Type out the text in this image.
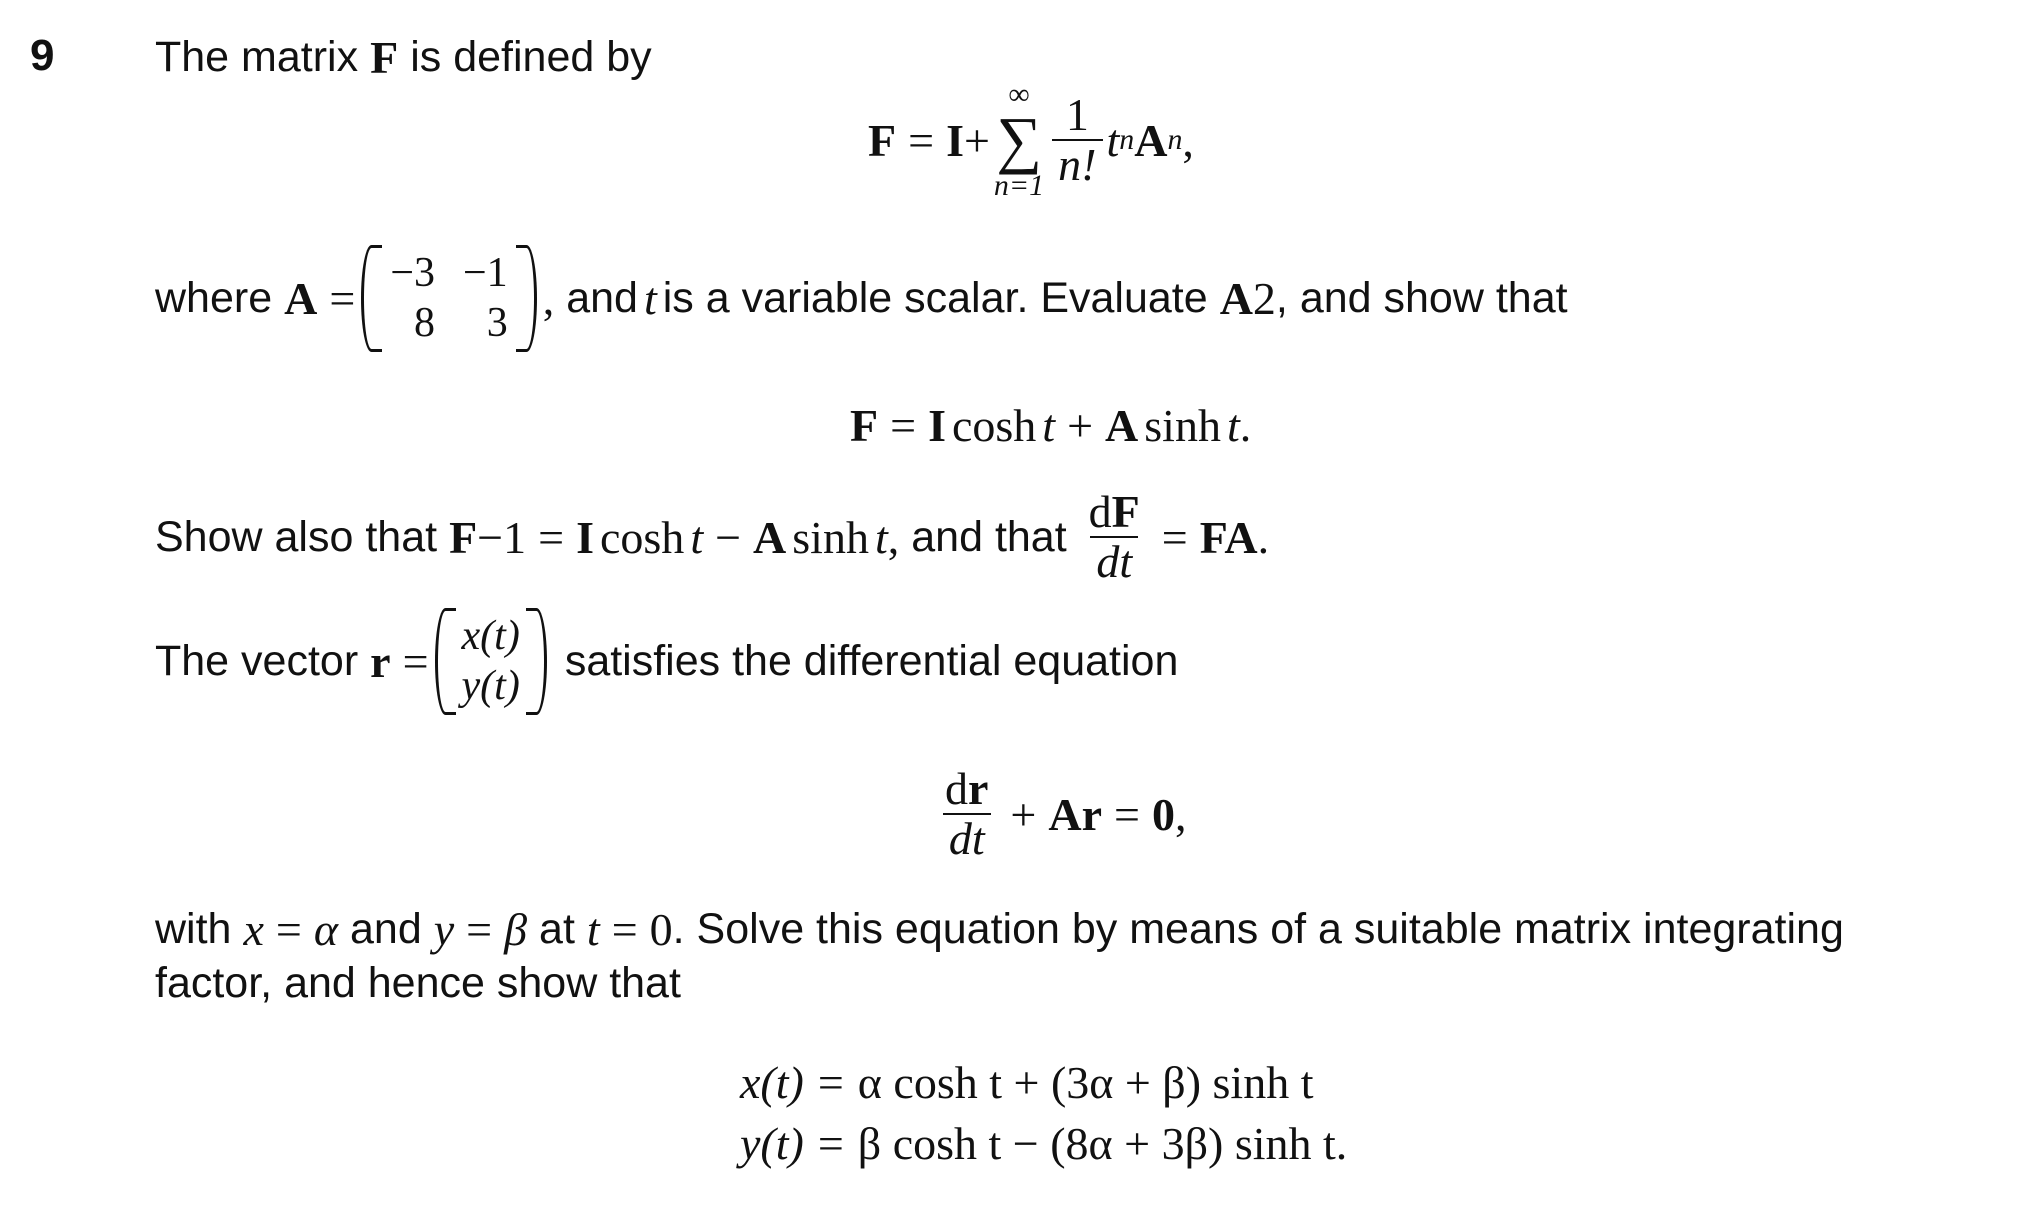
9 The matrix F is defined by
F = I +
∞
∑
$n=1 \frac{1}{n!}$ t n A n ,
where A = −3 −1
8	3 , and t is a variable scalar. Evaluate A 2 , and show that
F = I cosh t + A sinh t .
Show also that F −1 = I cosh t − A sinh t , and that $\frac{dF}{dt}$ = FA .
The vector r = x(t)
y(t)
satisfies the differential equation
$\frac{dr}{dt} + Ar = 0$ ,
with x = α and y = β at t = 0 . Solve this equation by means of a suitable matrix integrating
factor, and hence show that
x(t) = α cosh t + (3α + β) sinh t
y(t) = β cosh t − (8α + 3β) sinh t.
